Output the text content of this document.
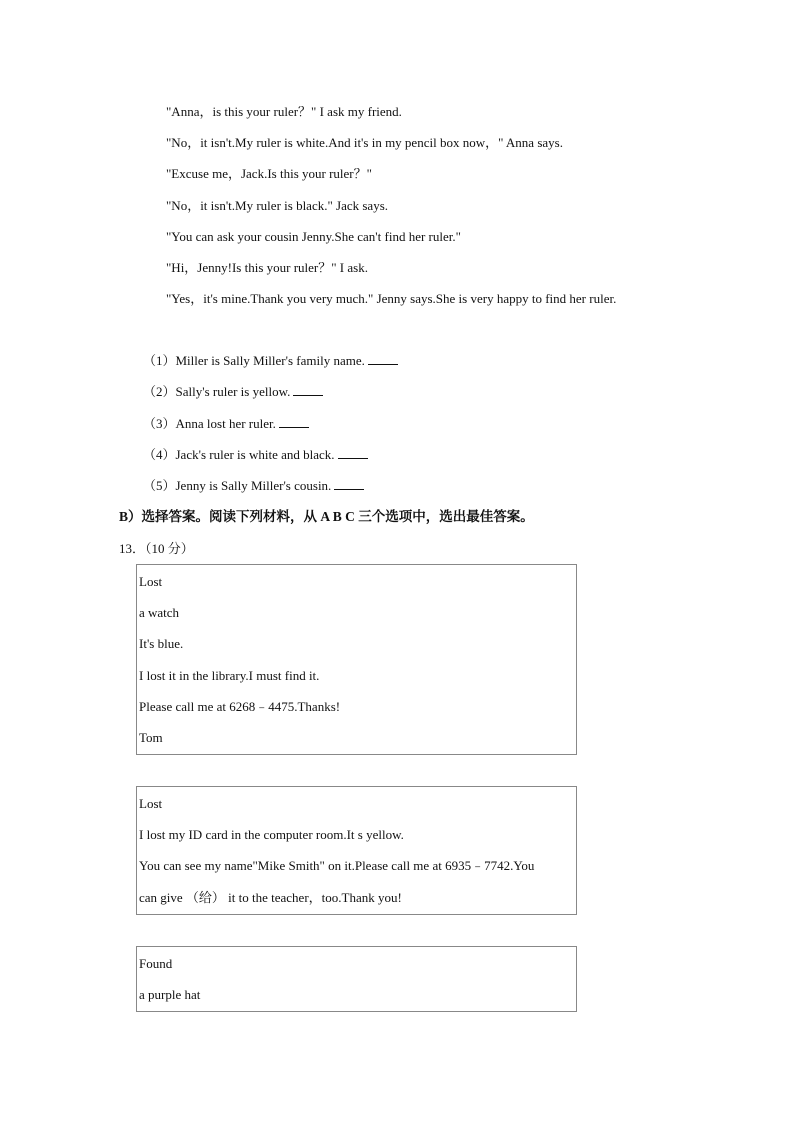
"Anna，is this your ruler？" I ask my friend.
"No，it isn't.My ruler is white.And it's in my pencil box now，" Anna says.
"Excuse me，Jack.Is this your ruler？"
"No，it isn't.My ruler is black." Jack says.
"You can ask your cousin Jenny.She can't find her ruler."
"Hi，Jenny!Is this your ruler？" I ask.
"Yes，it's mine.Thank you very much." Jenny says.She is very happy to find her ruler.
（1）Miller is Sally Miller's family name.
（2）Sally's ruler is yellow.
（3）Anna lost her ruler.
（4）Jack's ruler is white and black.
（5）Jenny is Sally Miller's cousin.
B）选择答案。阅读下列材料，从 A B C 三个选项中，选出最佳答案。
13．（10 分）
Lost
a watch
It's blue.
I lost it in the library.I must find it.
Please call me at 6268﹣4475.Thanks!
Tom
Lost
I lost my ID card in the computer room.It s yellow.
You can see my name"Mike Smith" on it.Please call me at 6935﹣7742.You
can give （给） it to the teacher，too.Thank you!
Found
a purple hat
